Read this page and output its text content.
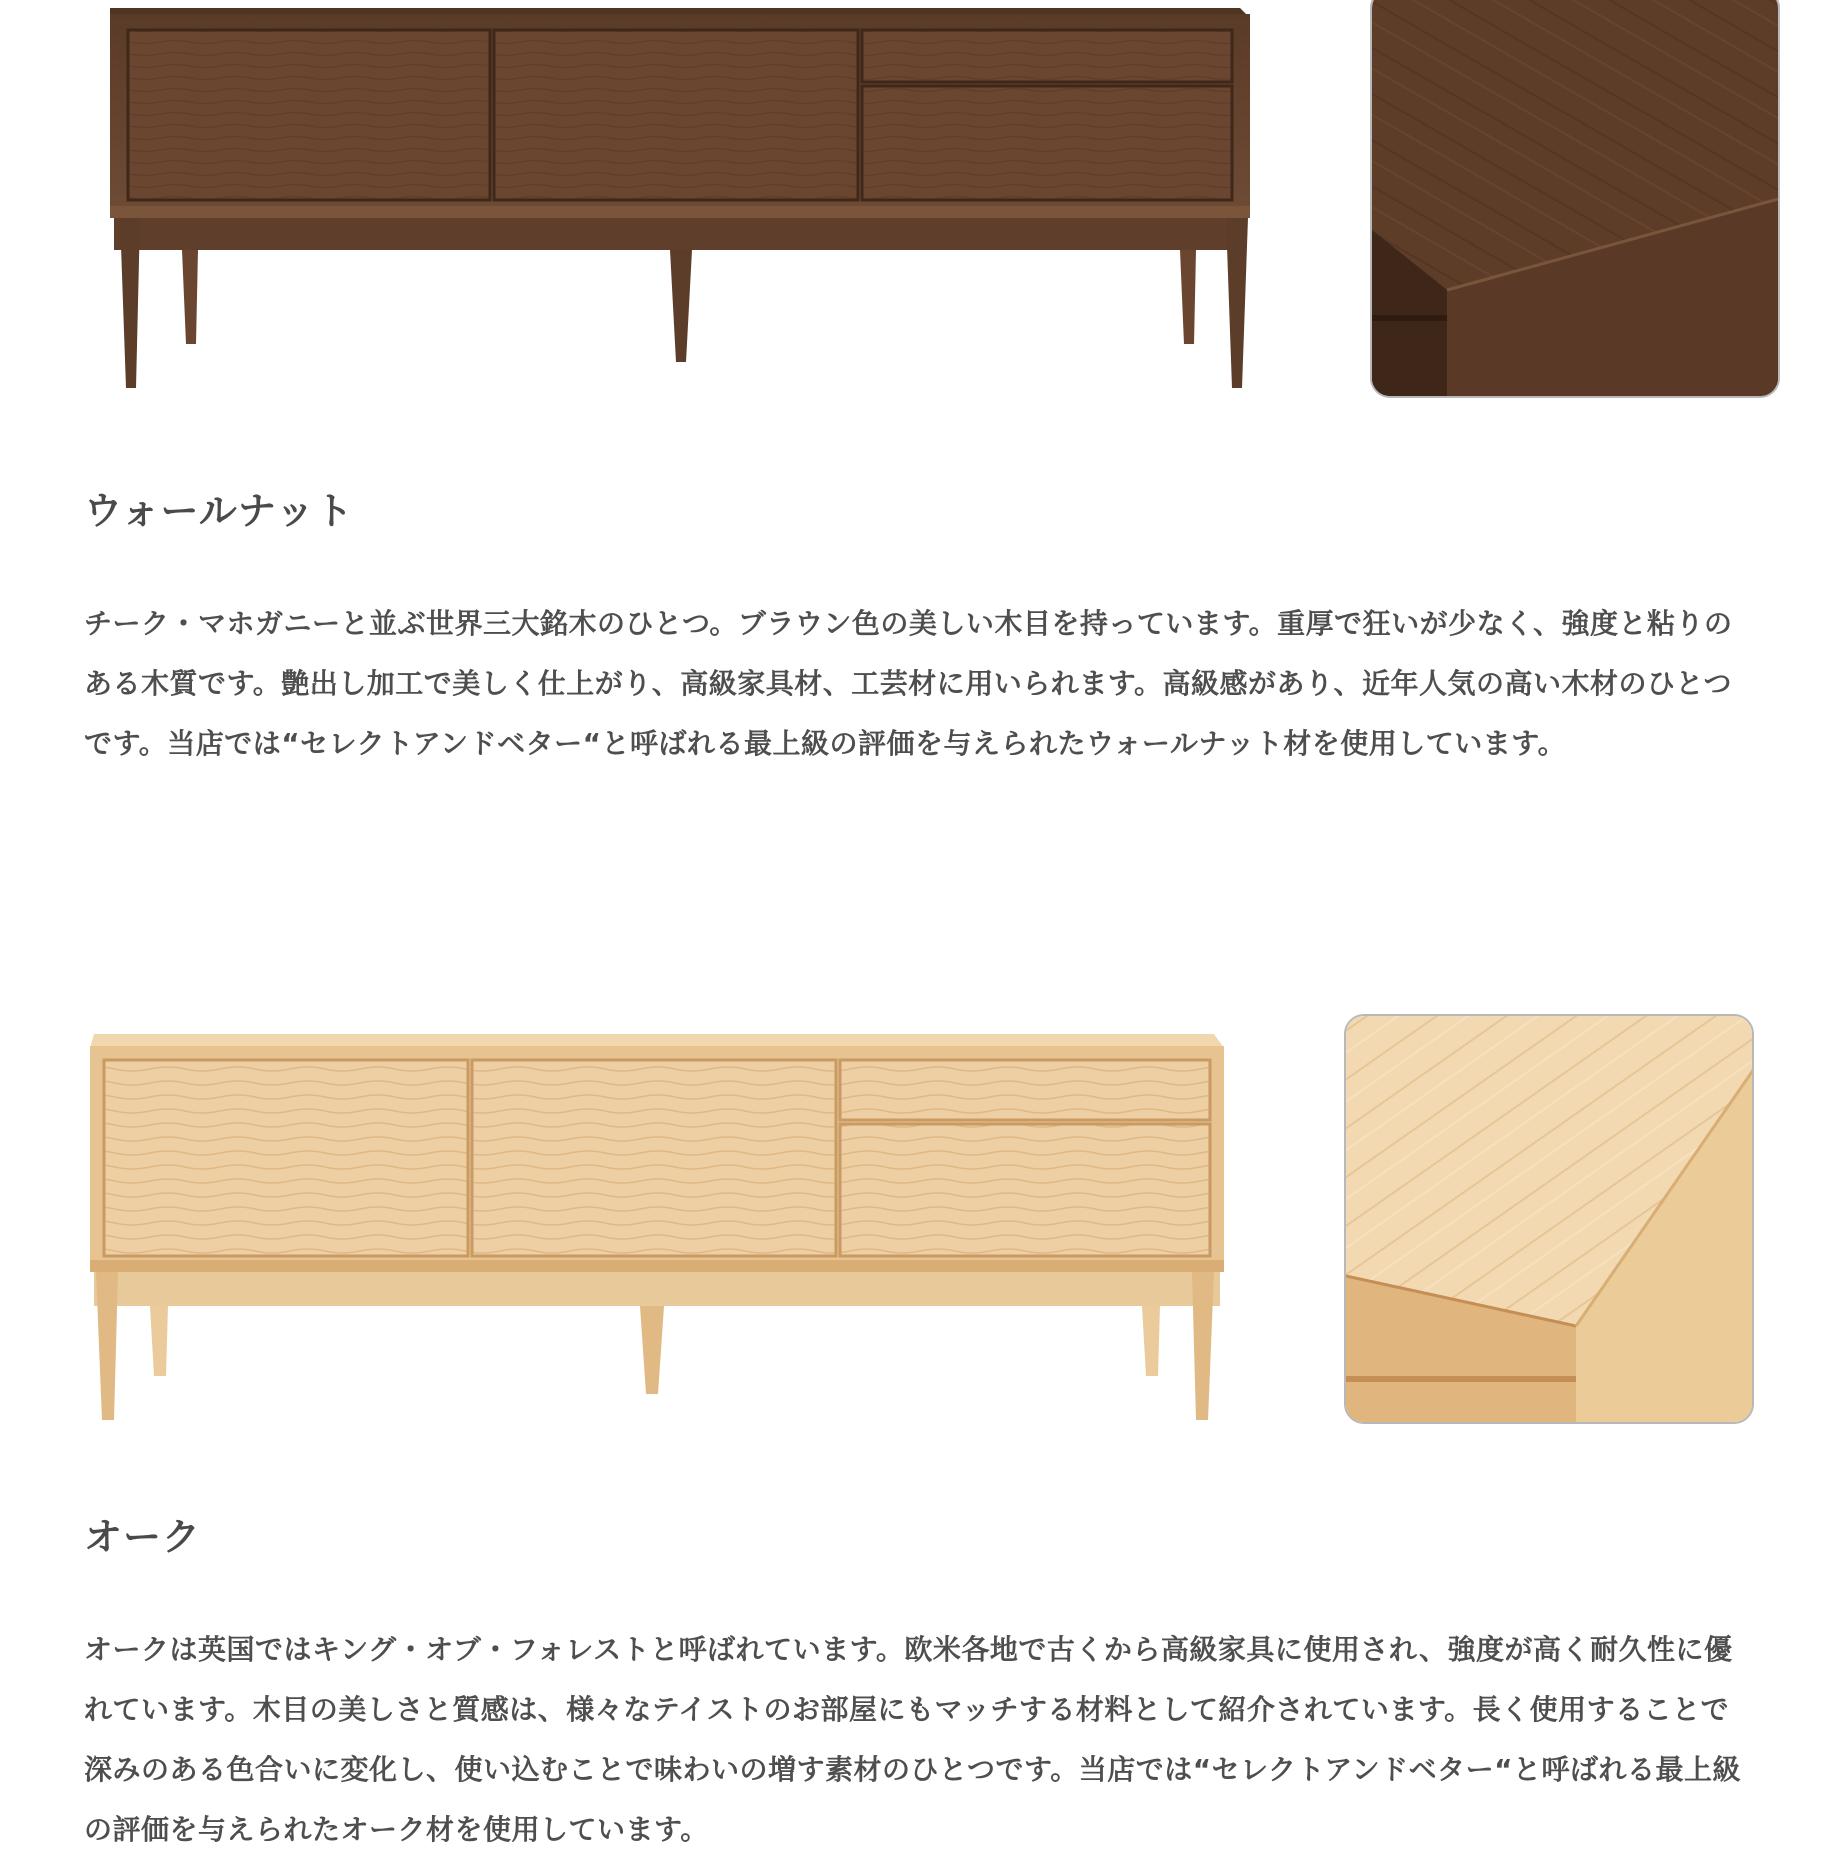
ウォールナット

チーク・マホガニーと並ぶ世界三大銘木のひとつ。ブラウン色の美しい木目を持っています。重厚で狂いが少なく、強度と粘りのある木質です。艶出し加工で美しく仕上がり、高級家具材、工芸材に用いられます。高級感があり、近年人気の高い木材のひとつです。当店では“セレクトアンドベター“と呼ばれる最上級の評価を与えられたウォールナット材を使用しています。

オーク

オークは英国ではキング・オブ・フォレストと呼ばれています。欧米各地で古くから高級家具に使用され、強度が高く耐久性に優れています。木目の美しさと質感は、様々なテイストのお部屋にもマッチする材料として紹介されています。長く使用することで深みのある色合いに変化し、使い込むことで味わいの増す素材のひとつです。当店では“セレクトアンドベター“と呼ばれる最上級の評価を与えられたオーク材を使用しています。
